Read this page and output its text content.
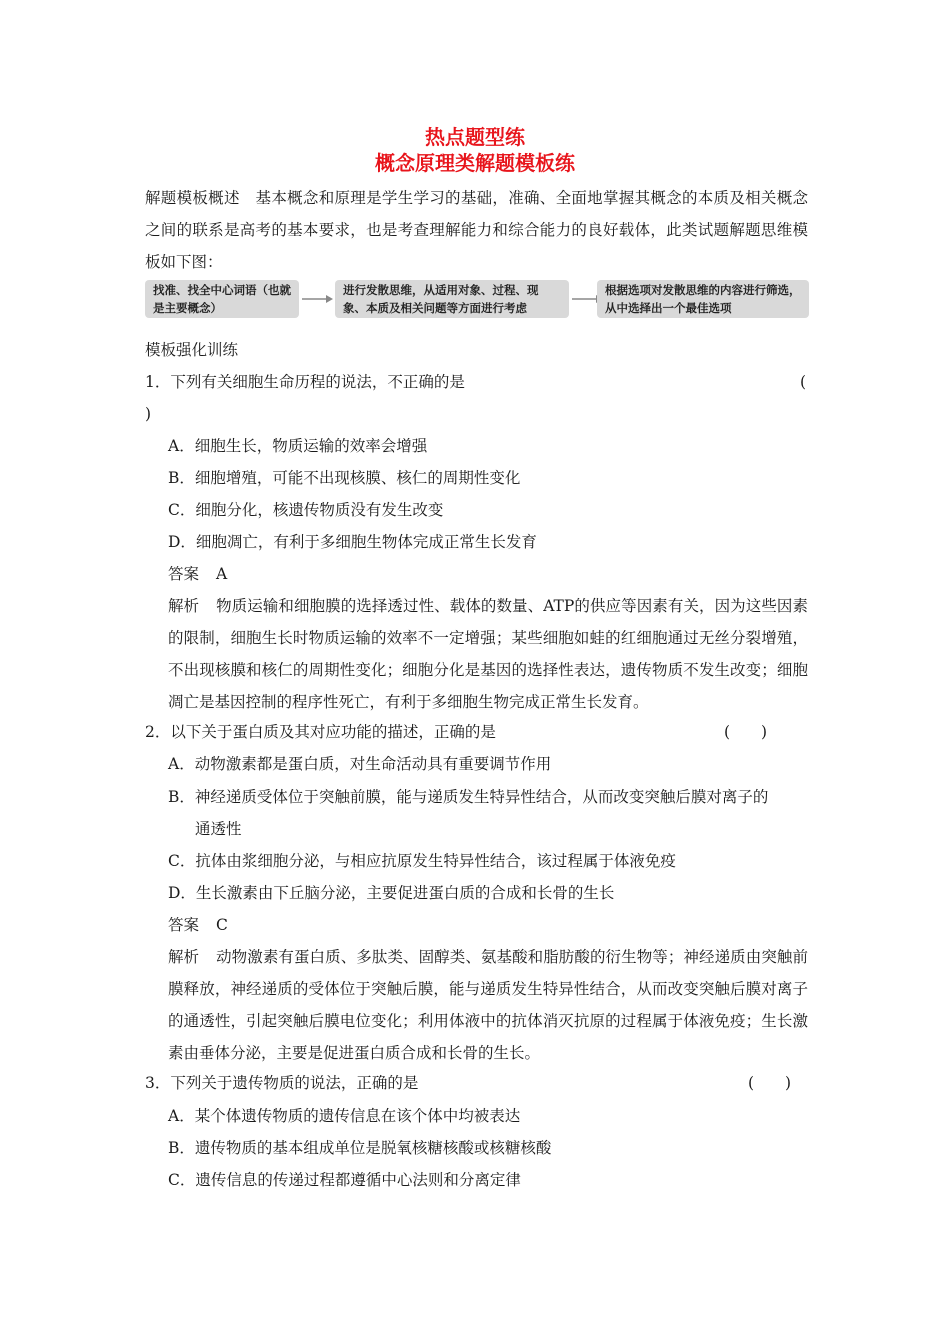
热点题型练
概念原理类解题模板练
解题模板概述　基本概念和原理是学生学习的基础，准确、全面地掌握其概念的本质及相关概念之间的联系是高考的基本要求，也是考查理解能力和综合能力的良好载体，此类试题解题思维模板如下图：
找准、找全中心词语（也就是主要概念）
进行发散思维，从适用对象、过程、现象、本质及相关问题等方面进行考虑
根据选项对发散思维的内容进行筛选，从中选择出一个最佳选项
模板强化训练
1．下列有关细胞生命历程的说法，不正确的是	(
)
A．细胞生长，物质运输的效率会增强
B．细胞增殖，可能不出现核膜、核仁的周期性变化
C．细胞分化，核遗传物质没有发生改变
D．细胞凋亡，有利于多细胞生物体完成正常生长发育
答案 A
解析 物质运输和细胞膜的选择透过性、载体的数量、ATP的供应等因素有关，因为这些因素的限制，细胞生长时物质运输的效率不一定增强；某些细胞如蛙的红细胞通过无丝分裂增殖，不出现核膜和核仁的周期性变化；细胞分化是基因的选择性表达，遗传物质不发生改变；细胞凋亡是基因控制的程序性死亡，有利于多细胞生物完成正常生长发育。
2．以下关于蛋白质及其对应功能的描述，正确的是	(　　)
A．动物激素都是蛋白质，对生命活动具有重要调节作用
B．神经递质受体位于突触前膜，能与递质发生特异性结合，从而改变突触后膜对离子的
通透性
C．抗体由浆细胞分泌，与相应抗原发生特异性结合，该过程属于体液免疫
D．生长激素由下丘脑分泌，主要促进蛋白质的合成和长骨的生长
答案 C
解析 动物激素有蛋白质、多肽类、固醇类、氨基酸和脂肪酸的衍生物等；神经递质由突触前膜释放，神经递质的受体位于突触后膜，能与递质发生特异性结合，从而改变突触后膜对离子的通透性，引起突触后膜电位变化；利用体液中的抗体消灭抗原的过程属于体液免疫；生长激素由垂体分泌，主要是促进蛋白质合成和长骨的生长。
3．下列关于遗传物质的说法，正确的是	(　　)
A．某个体遗传物质的遗传信息在该个体中均被表达
B．遗传物质的基本组成单位是脱氧核糖核酸或核糖核酸
C．遗传信息的传递过程都遵循中心法则和分离定律
